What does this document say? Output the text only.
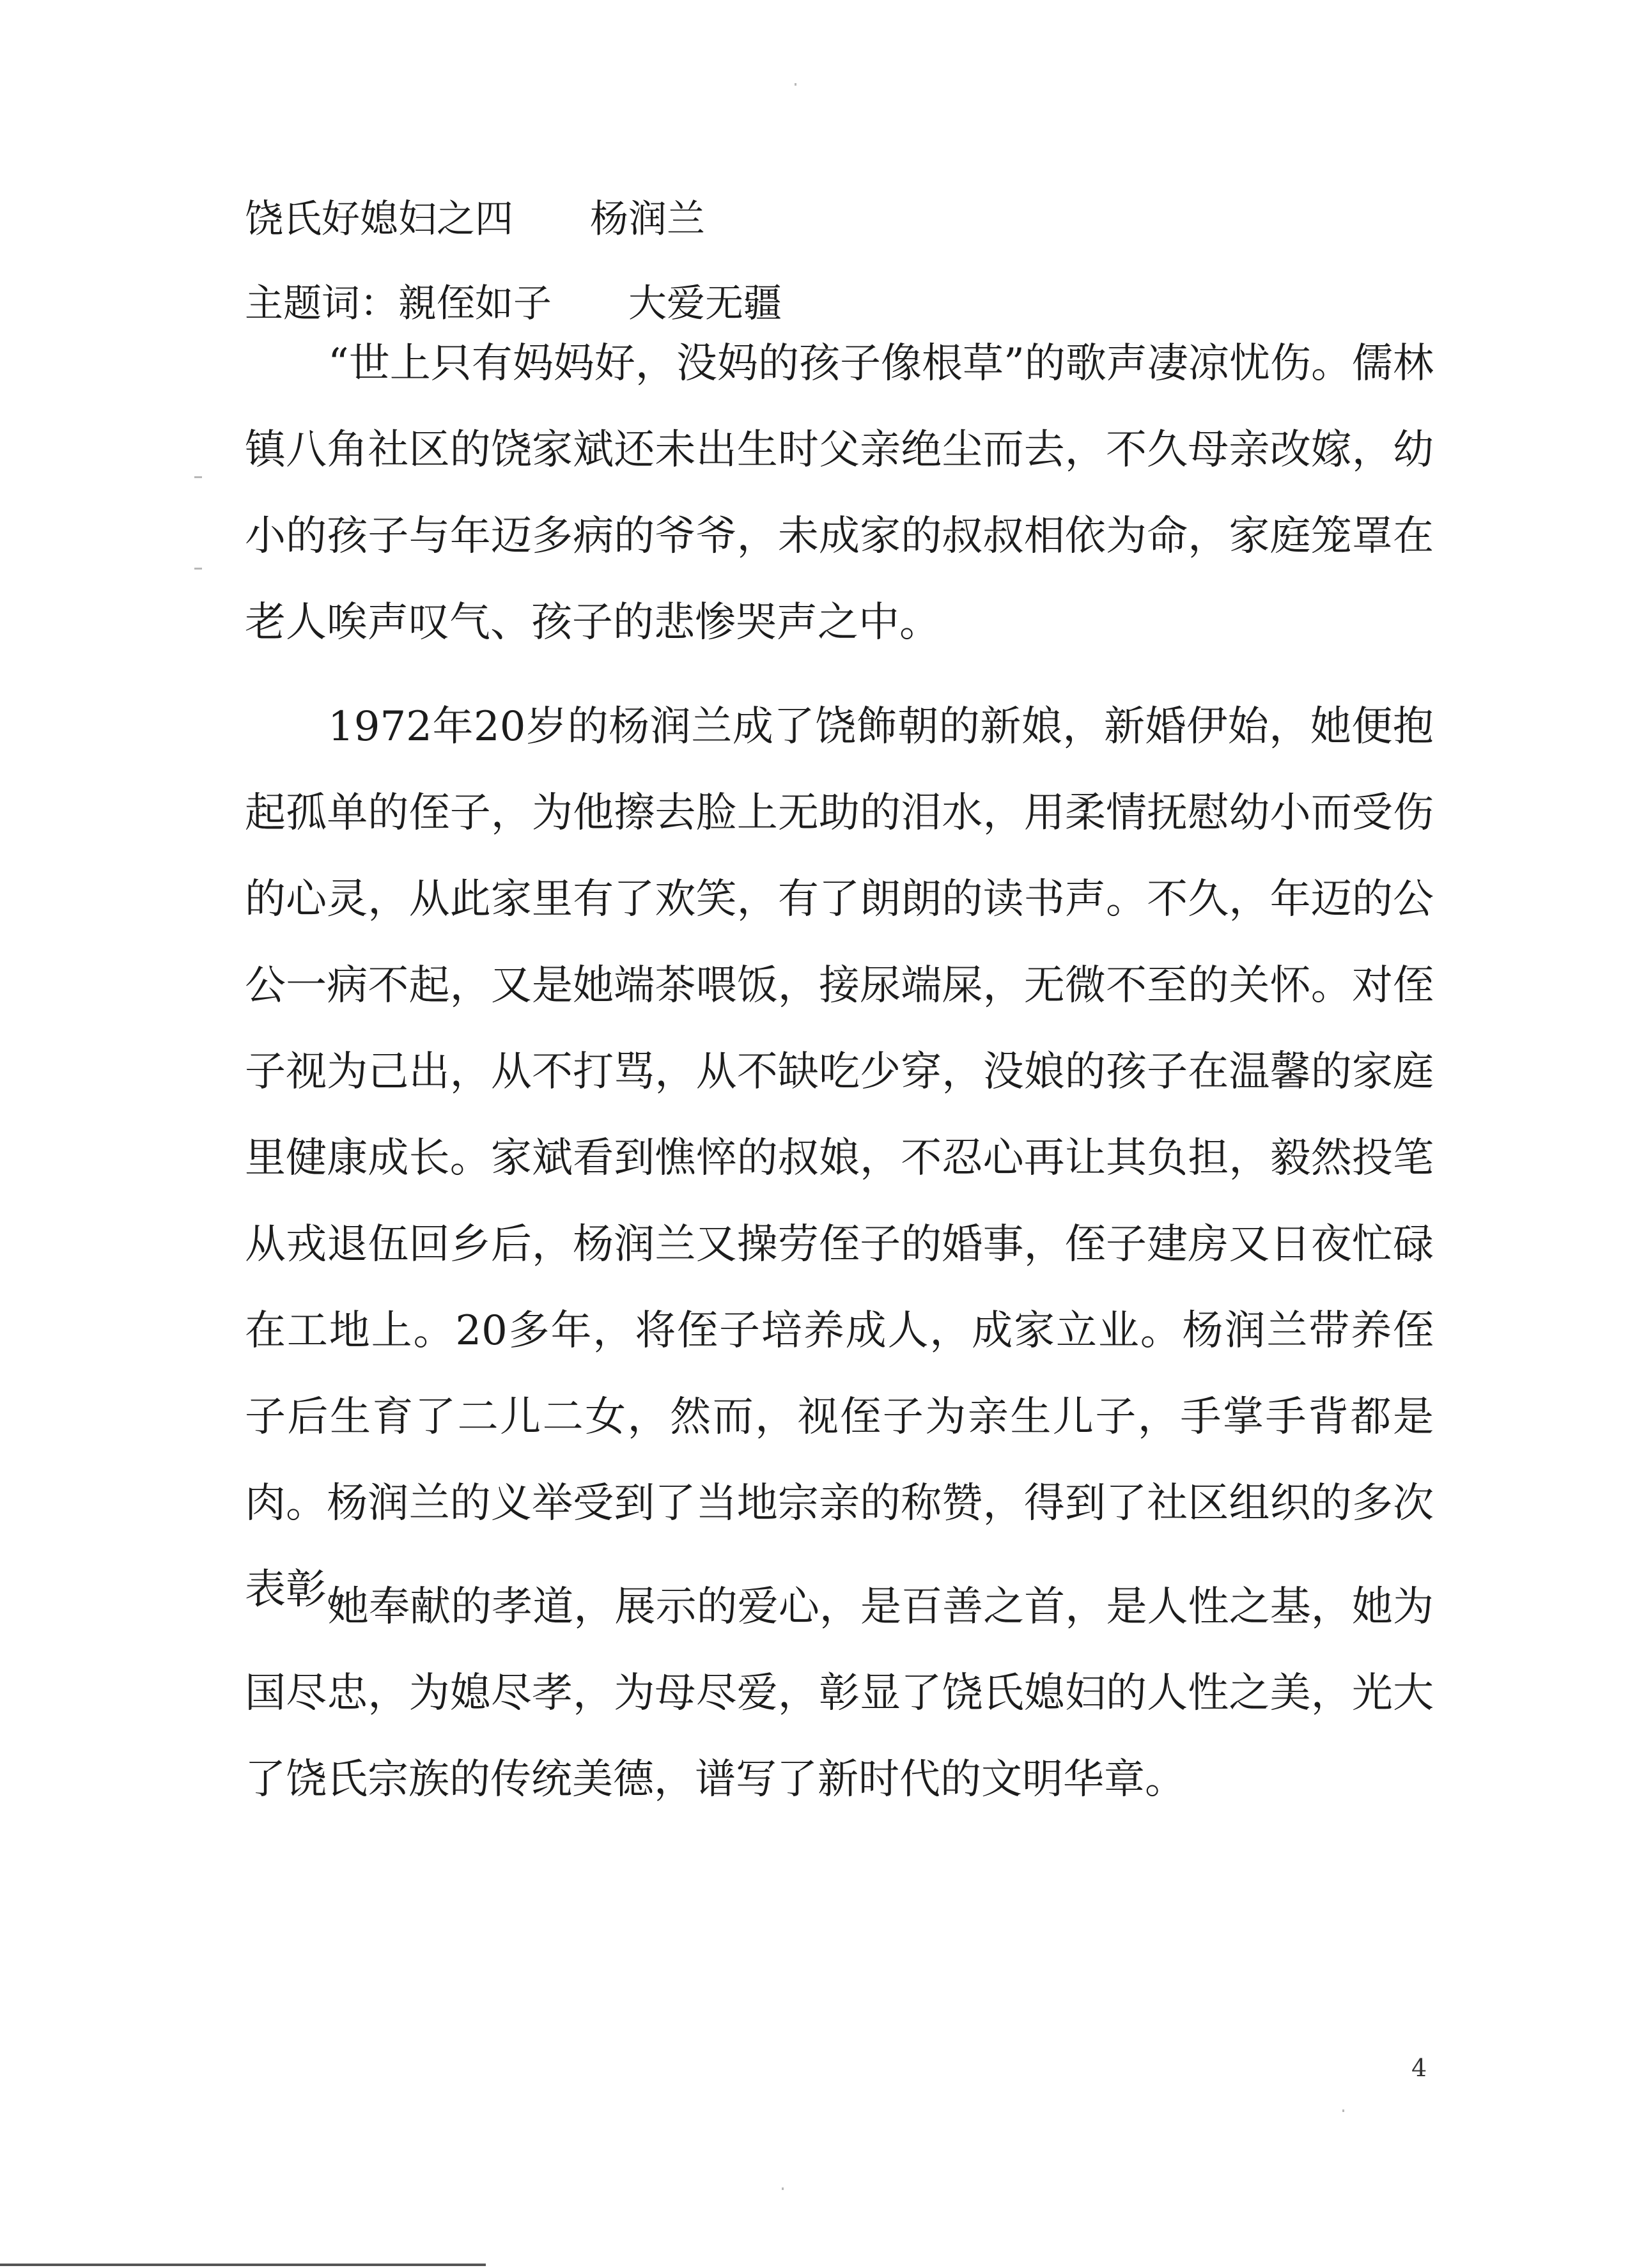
饶氏好媳妇之四　　杨润兰
主题词：親侄如子　　大爱无疆

“世上只有妈妈好，没妈的孩子像根草”的歌声凄凉忧伤。儒林镇八角社区的饶家斌还未出生时父亲绝尘而去，不久母亲改嫁，幼小的孩子与年迈多病的爷爷，未成家的叔叔相依为命，家庭笼罩在老人唉声叹气、孩子的悲惨哭声之中。

1972年20岁的杨润兰成了饶飾朝的新娘，新婚伊始，她便抱起孤单的侄子，为他擦去脸上无助的泪水，用柔情抚慰幼小而受伤的心灵，从此家里有了欢笑，有了朗朗的读书声。不久，年迈的公公一病不起，又是她端茶喂饭，接尿端屎，无微不至的关怀。对侄子视为己出，从不打骂，从不缺吃少穿，没娘的孩子在温馨的家庭里健康成长。家斌看到憔悴的叔娘，不忍心再让其负担，毅然投笔从戎退伍回乡后，杨润兰又操劳侄子的婚事，侄子建房又日夜忙碌在工地上。20多年，将侄子培养成人，成家立业。杨润兰带养侄子后生育了二儿二女，然而，视侄子为亲生儿子，手掌手背都是肉。杨润兰的义举受到了当地宗亲的称赞，得到了社区组织的多次表彰。

她奉献的孝道，展示的爱心，是百善之首，是人性之基，她为国尽忠，为媳尽孝，为母尽爱，彰显了饶氏媳妇的人性之美，光大了饶氏宗族的传统美德，谱写了新时代的文明华章。

4
